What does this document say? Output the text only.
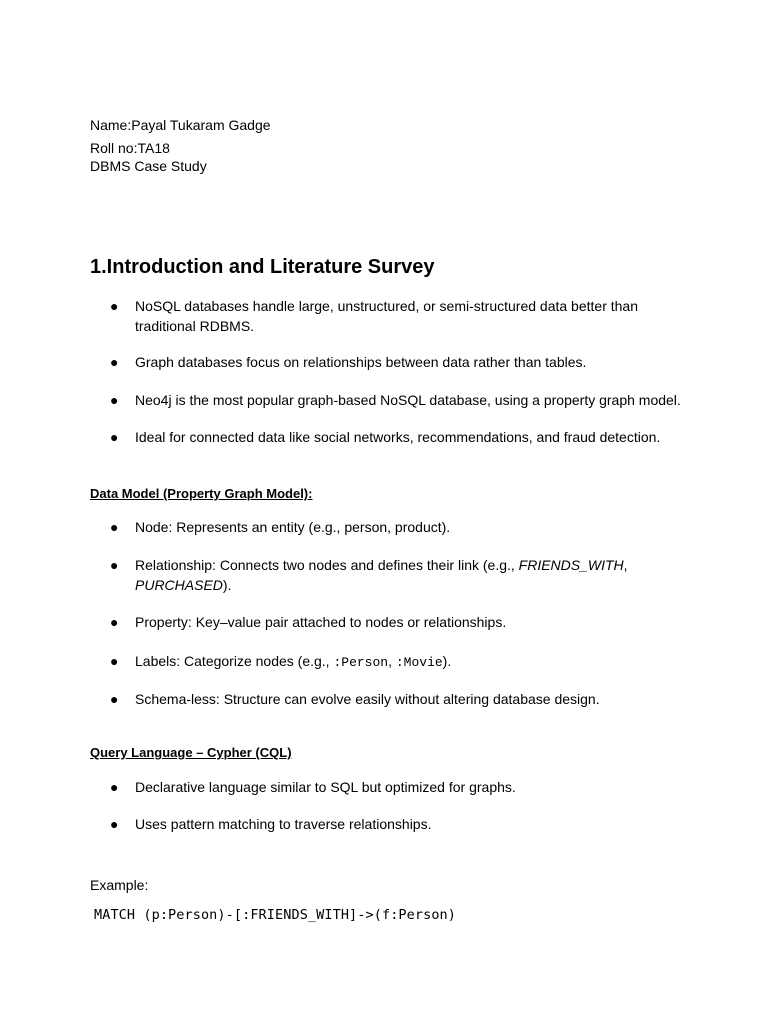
Name:Payal Tukaram Gadge
Roll no:TA18
DBMS Case Study
1.Introduction and Literature Survey
● NoSQL databases handle large, unstructured, or semi-structured data better than traditional RDBMS.
● Graph databases focus on relationships between data rather than tables.
● Neo4j is the most popular graph-based NoSQL database, using a property graph model.
● Ideal for connected data like social networks, recommendations, and fraud detection.
Data Model (Property Graph Model):
● Node: Represents an entity (e.g., person, product).
● Relationship: Connects two nodes and defines their link (e.g., FRIENDS_WITH, PURCHASED).
● Property: Key–value pair attached to nodes or relationships.
● Labels: Categorize nodes (e.g., :Person, :Movie).
● Schema-less: Structure can evolve easily without altering database design.
Query Language – Cypher (CQL)
● Declarative language similar to SQL but optimized for graphs.
● Uses pattern matching to traverse relationships.
Example:
MATCH (p:Person)-[:FRIENDS_WITH]->(f:Person)
